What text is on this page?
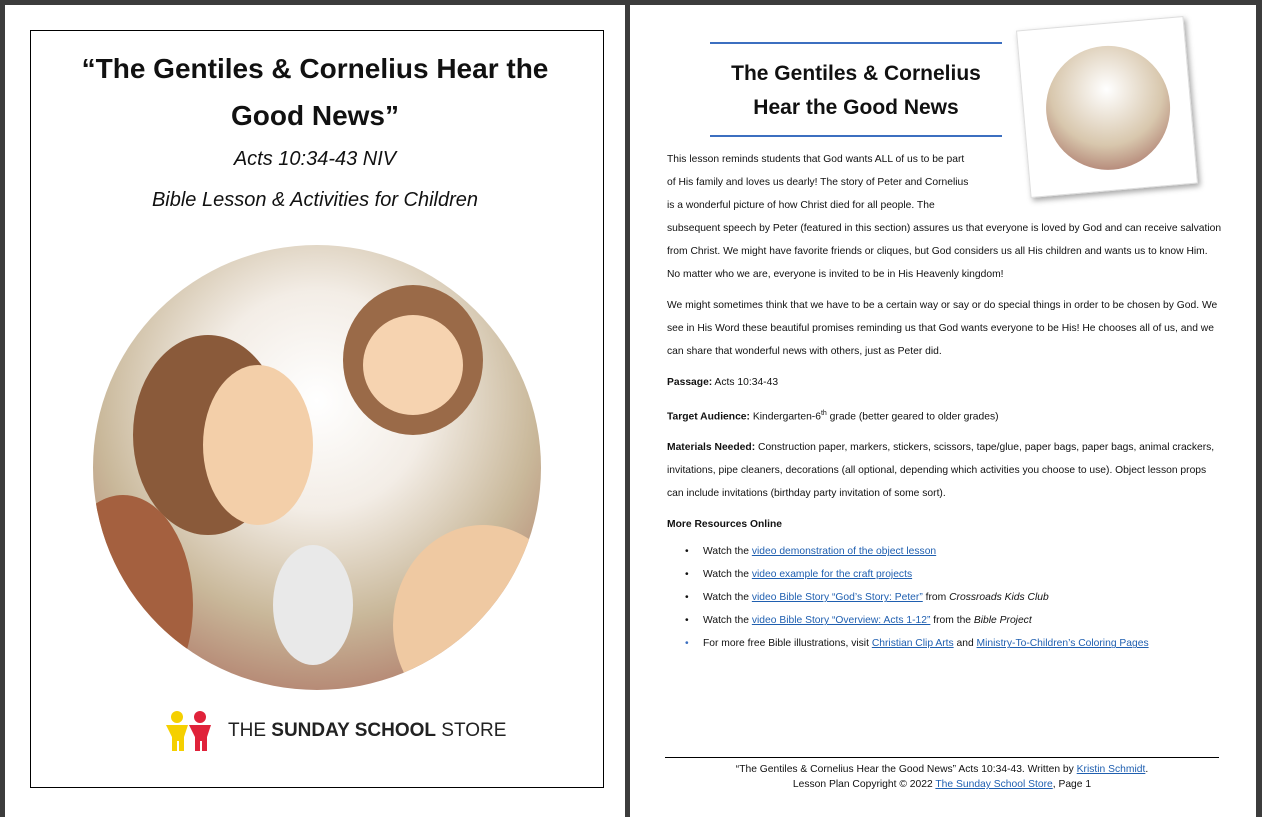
“The Gentiles & Cornelius Hear the Good News”
Acts 10:34-43 NIV
Bible Lesson & Activities for Children
THE SUNDAY SCHOOL STORE
The Gentiles & Cornelius Hear the Good News

This lesson reminds students that God wants ALL of us to be part
of His family and loves us dearly! The story of Peter and Cornelius
is a wonderful picture of how Christ died for all people. The
subsequent speech by Peter (featured in this section) assures us that everyone is loved by God and can receive salvation from Christ. We might have favorite friends or cliques, but God considers us all His children and wants us to know Him. No matter who we are, everyone is invited to be in His Heavenly kingdom!

We might sometimes think that we have to be a certain way or say or do special things in order to be chosen by God. We see in His Word these beautiful promises reminding us that God wants everyone to be His! He chooses all of us, and we can share that wonderful news with others, just as Peter did.

Passage: Acts 10:34-43

Target Audience: Kindergarten-6th grade (better geared to older grades)

Materials Needed: Construction paper, markers, stickers, scissors, tape/glue, paper bags, paper bags, animal crackers, invitations, pipe cleaners, decorations (all optional, depending which activities you choose to use). Object lesson props can include invitations (birthday party invitation of some sort).

More Resources Online

• Watch the video demonstration of the object lesson
• Watch the video example for the craft projects
• Watch the video Bible Story “God’s Story: Peter” from Crossroads Kids Club
• Watch the video Bible Story “Overview: Acts 1-12” from the Bible Project
• For more free Bible illustrations, visit Christian Clip Arts and Ministry-To-Children’s Coloring Pages
“The Gentiles & Cornelius Hear the Good News” Acts 10:34-43. Written by Kristin Schmidt.
Lesson Plan Copyright © 2022 The Sunday School Store, Page 1
